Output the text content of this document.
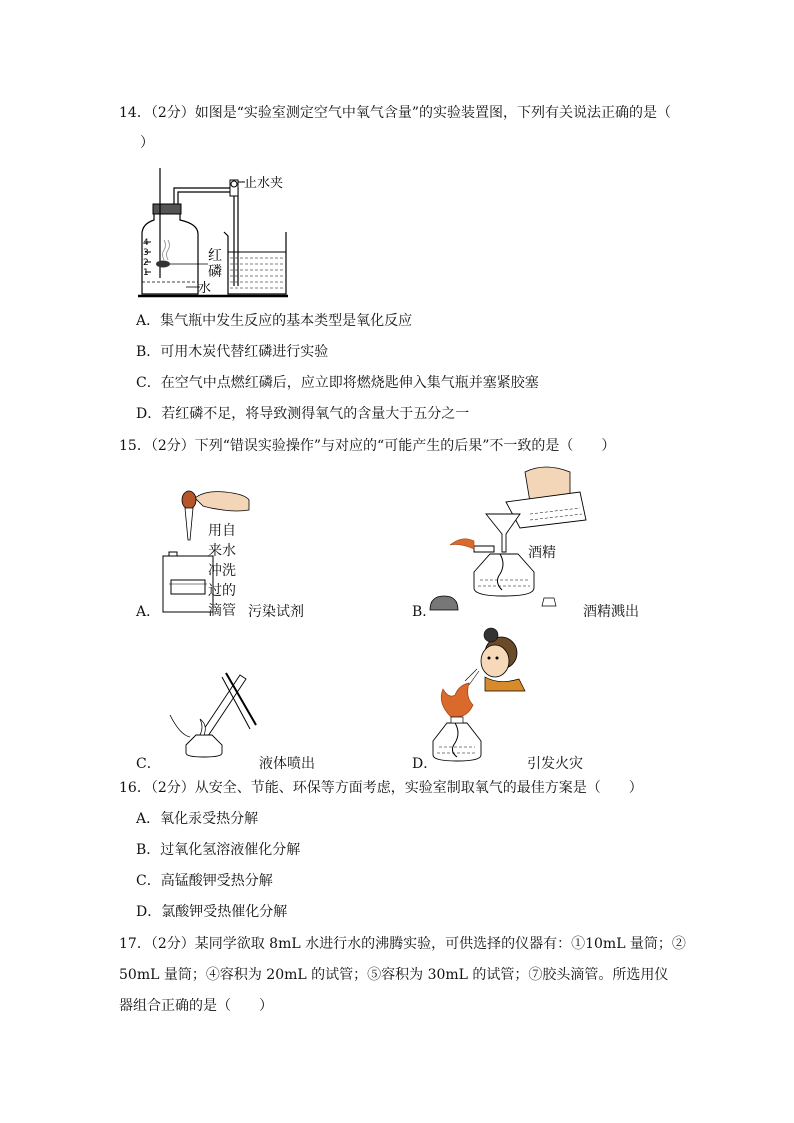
14．（2分）如图是“实验室测定空气中氧气含量”的实验装置图，下列有关说法正确的是（
）
4
3
2
1
止水夹
红
磷
水
A．集气瓶中发生反应的基本类型是氧化反应
B．可用木炭代替红磷进行实验
C．在空气中点燃红磷后，应立即将燃烧匙伸入集气瓶并塞紧胶塞
D．若红磷不足，将导致测得氧气的含量大于五分之一
15．（2分）下列“错误实验操作”与对应的“可能产生的后果”不一致的是（　　）
用自
来水
冲洗
过的
滴管
A．	污染试剂
酒精
B．	酒精溅出
C．	液体喷出	D．	引发火灾
16．（2分）从安全、节能、环保等方面考虑，实验室制取氧气的最佳方案是（　　）
A．氧化汞受热分解
B．过氧化氢溶液催化分解
C．高锰酸钾受热分解
D．氯酸钾受热催化分解
17．（2分）某同学欲取 8mL 水进行水的沸腾实验，可供选择的仪器有：①10mL 量筒；②
50mL 量筒；④容积为 20mL 的试管；⑤容积为 30mL 的试管；⑦胶头滴管。所选用仪
器组合正确的是（　　）
